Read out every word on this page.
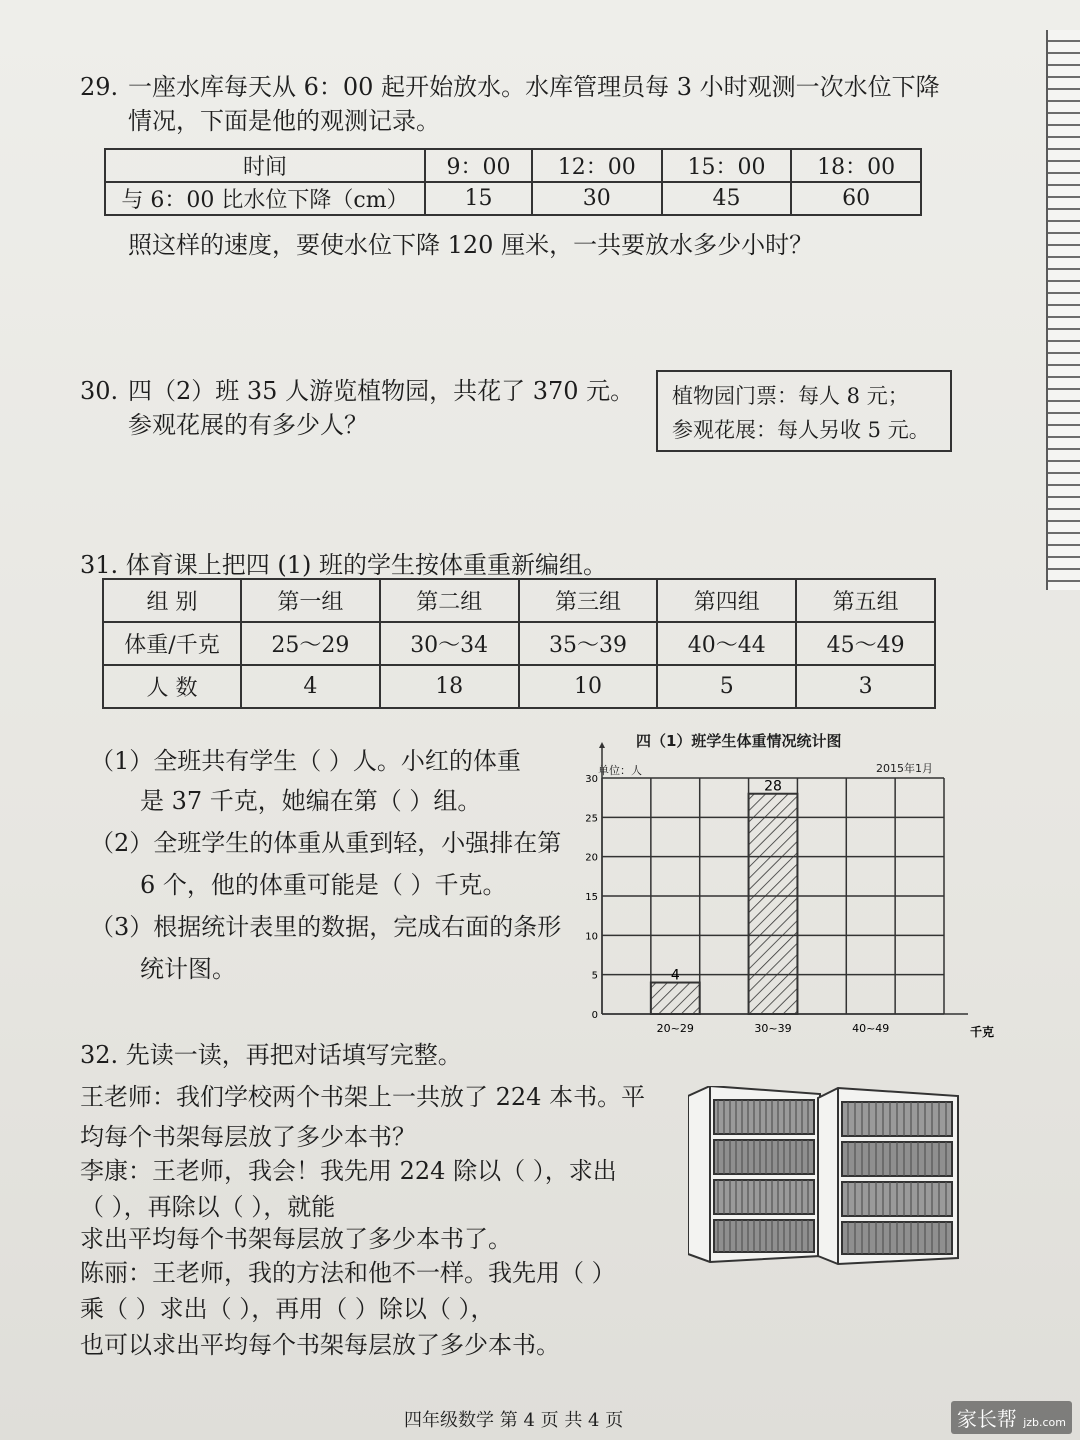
29. 一座水库每天从 6：00 起开始放水。水库管理员每 3 小时观测一次水位下降
情况，下面是他的观测记录。
时间	9：00	12：00	15：00	18：00
与 6：00 比水位下降（cm）	15	30	45	60
照这样的速度，要使水位下降 120 厘米，一共要放水多少小时？
30. 四（2）班 35 人游览植物园，共花了 370 元。
参观花展的有多少人？
植物园门票：每人 8 元；
参观花展：每人另收 5 元。
31. 体育课上把四 (1) 班的学生按体重重新编组。
组 别	第一组	第二组	第三组	第四组	第五组
体重/千克	25～29	30～34	35～39	40～44	45～49
人 数	4	18	10	5	3
（1）全班共有学生（ ）人。小红的体重
是 37 千克，她编在第（ ）组。
（2）全班学生的体重从重到轻，小强排在第
6 个，他的体重可能是（ ）千克。
（3）根据统计表里的数据，完成右面的条形
统计图。
四（1）班学生体重情况统计图
单位：人	2015年1月
0
5
10
15
20
25
30
20~29	30~39	40~49	千克
4
28
32. 先读一读，再把对话填写完整。
王老师：我们学校两个书架上一共放了 224 本书。平
均每个书架每层放了多少本书？
李康：王老师，我会！我先用 224 除以（ ），求出
（ ），再除以（ ），就能
求出平均每个书架每层放了多少本书了。
陈丽：王老师，我的方法和他不一样。我先用（ ）
乘（ ）求出（ ），再用（ ）除以（ ），
也可以求出平均每个书架每层放了多少本书。
四年级数学 第 4 页 共 4 页	家长帮 jzb.com
